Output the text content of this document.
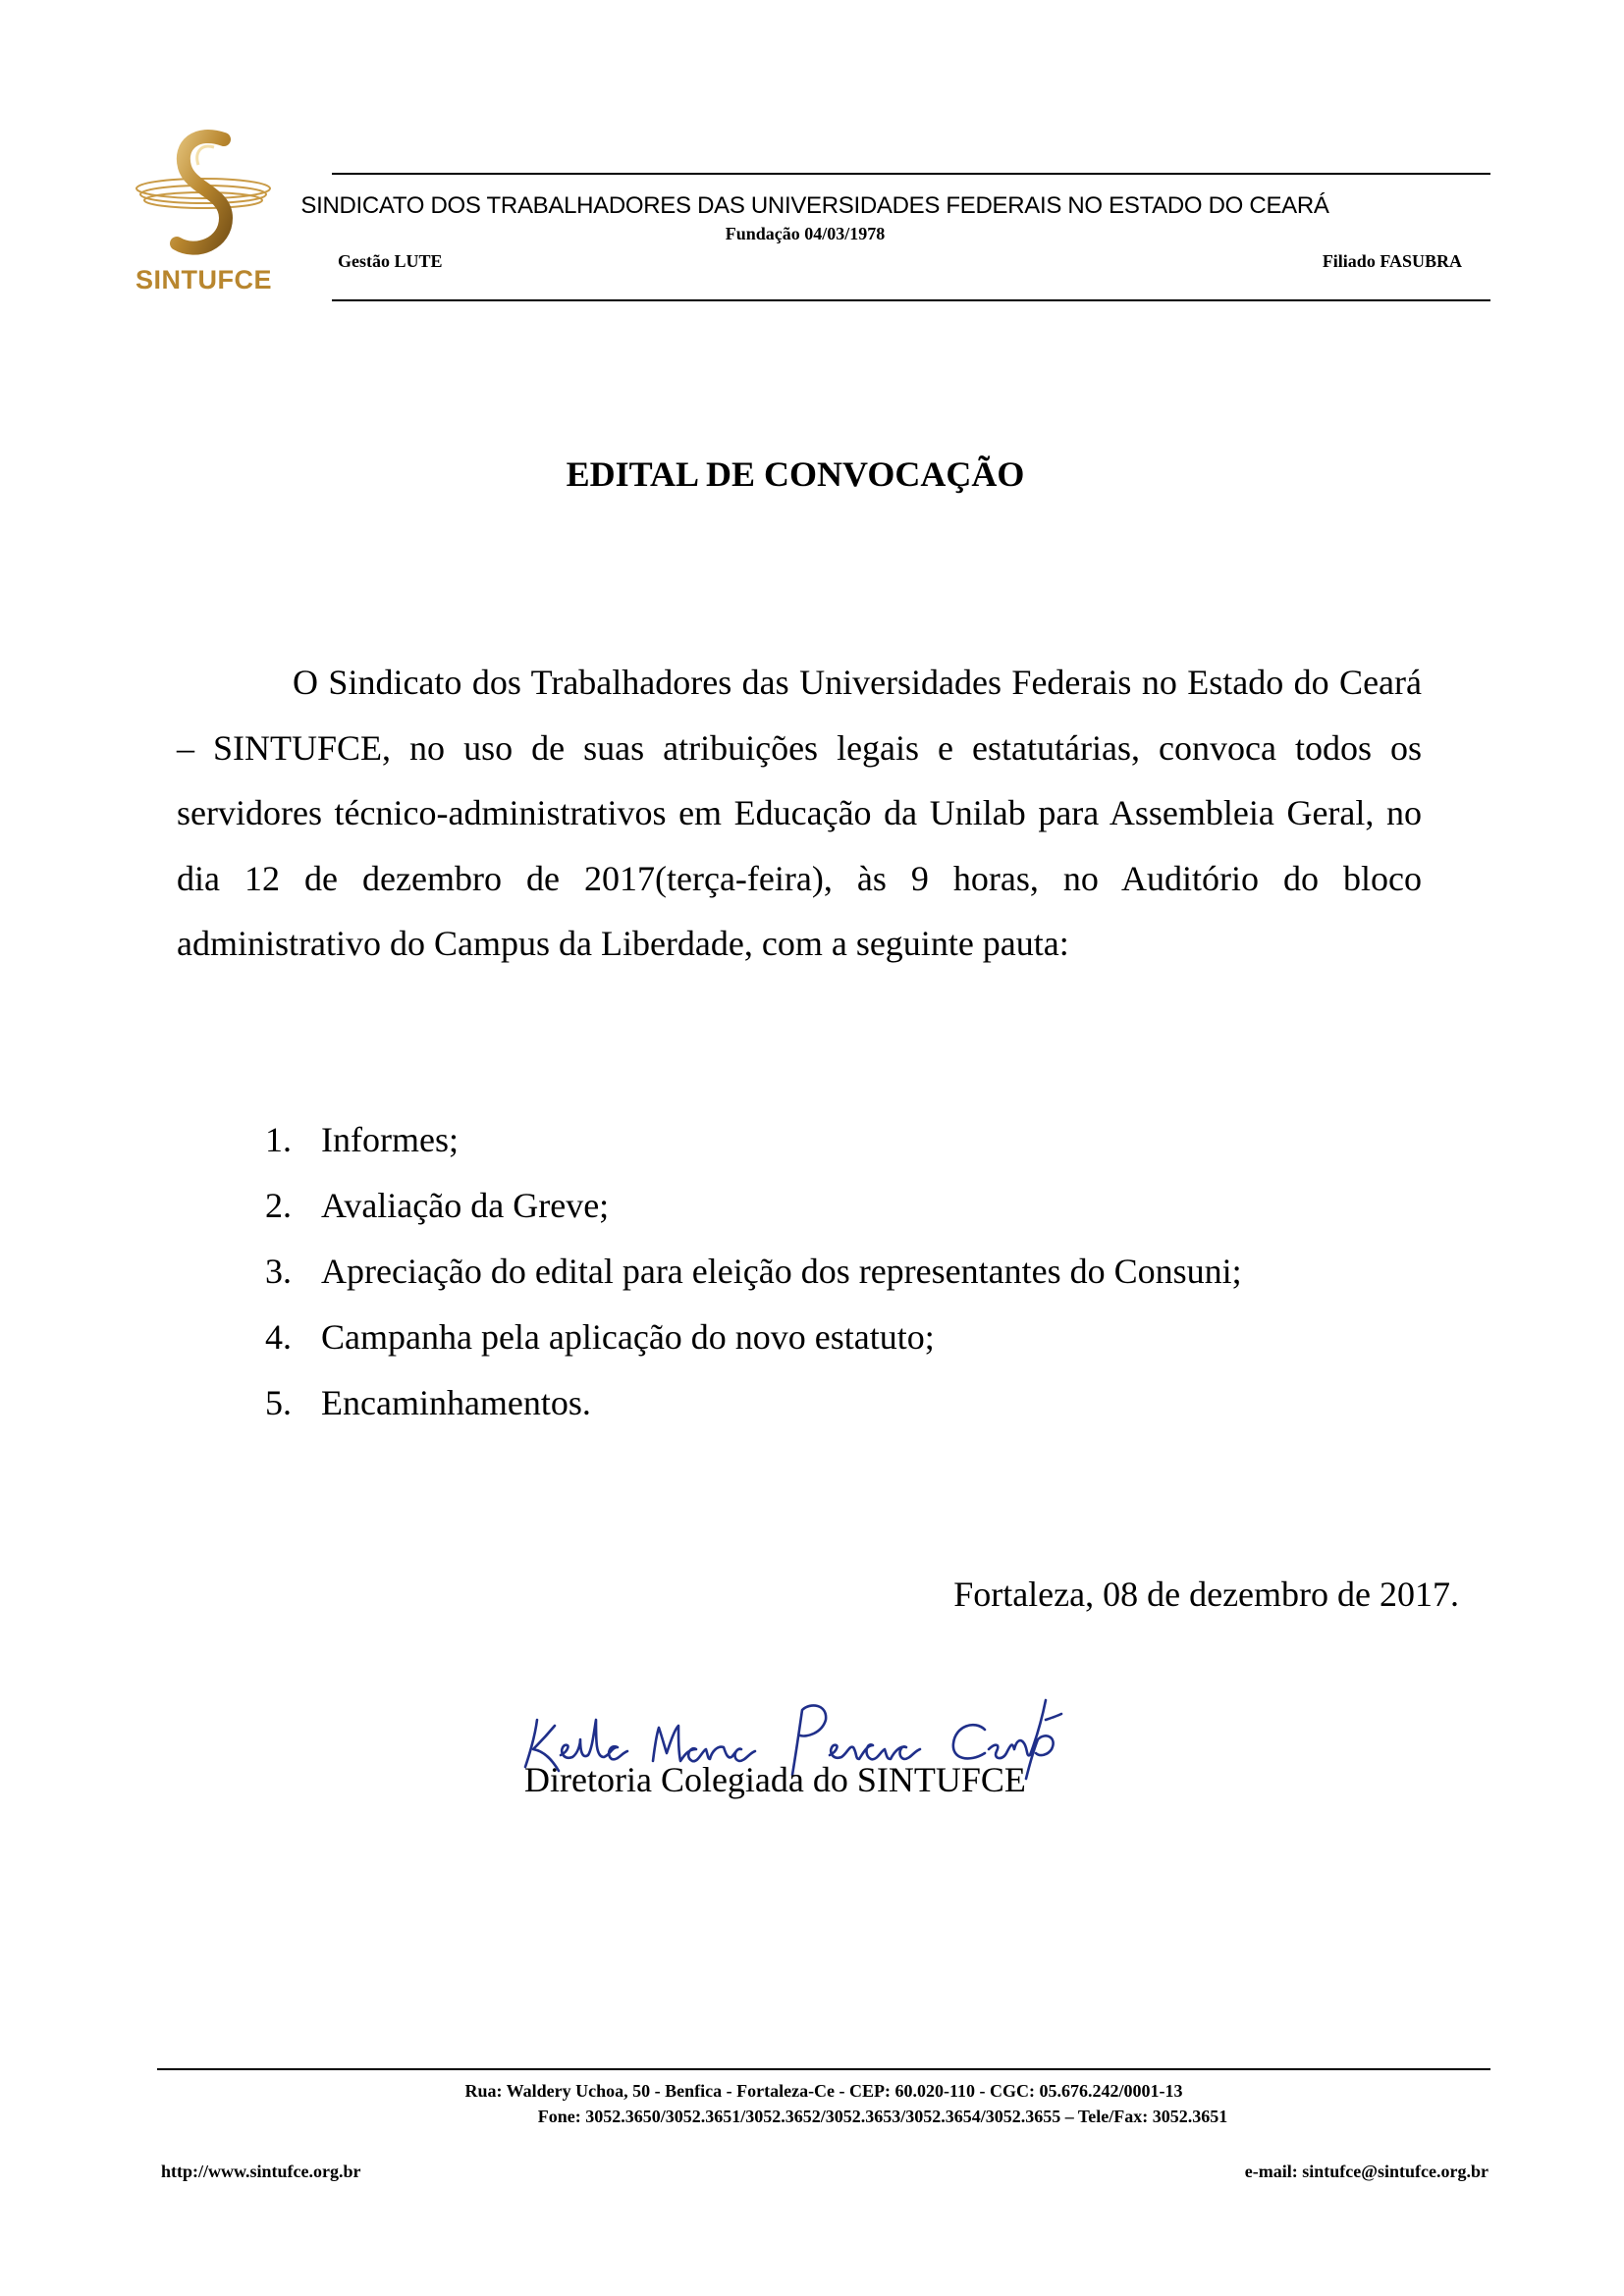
SINTUFCE
SINDICATO DOS TRABALHADORES DAS UNIVERSIDADES FEDERAIS NO ESTADO DO CEARÁ
Fundação 04/03/1978
Gestão LUTE	Filiado FASUBRA
EDITAL DE CONVOCAÇÃO
O Sindicato dos Trabalhadores das Universidades Federais no Estado do Ceará – SINTUFCE, no uso de suas atribuições legais e estatutárias, convoca todos os servidores técnico-administrativos em Educação da Unilab para Assembleia Geral, no dia 12 de dezembro de 2017(terça-feira), às 9 horas, no Auditório do bloco administrativo do Campus da Liberdade, com a seguinte pauta:
1. Informes;
2. Avaliação da Greve;
3. Apreciação do edital para eleição dos representantes do Consuni;
4. Campanha pela aplicação do novo estatuto;
5. Encaminhamentos.
Fortaleza, 08 de dezembro de 2017.
Diretoria Colegiada do SINTUFCE
Rua: Waldery Uchoa, 50 - Benfica - Fortaleza-Ce - CEP: 60.020-110 - CGC: 05.676.242/0001-13
Fone: 3052.3650/3052.3651/3052.3652/3052.3653/3052.3654/3052.3655 – Tele/Fax: 3052.3651
http://www.sintufce.org.br	e-mail: sintufce@sintufce.org.br
